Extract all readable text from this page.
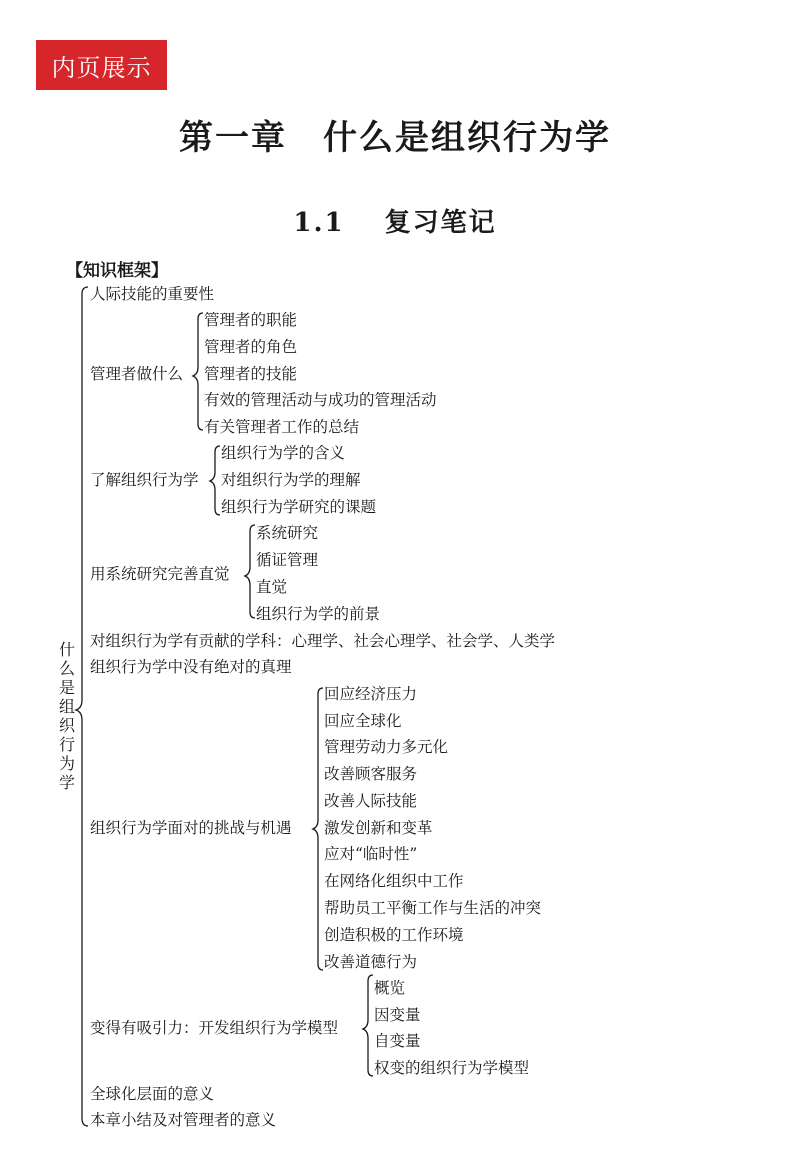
内页展示
第一章　什么是组织行为学
1.1 复习笔记
【知识框架】
什
么
是
组
织
行
为
学
人际技能的重要性
管理者做什么
了解组织行为学
用系统研究完善直觉
对组织行为学有贡献的学科：心理学、社会心理学、社会学、人类学
组织行为学中没有绝对的真理
组织行为学面对的挑战与机遇
变得有吸引力：开发组织行为学模型
全球化层面的意义
本章小结及对管理者的意义
管理者的职能
管理者的角色
管理者的技能
有效的管理活动与成功的管理活动
有关管理者工作的总结
组织行为学的含义
对组织行为学的理解
组织行为学研究的课题
系统研究
循证管理
直觉
组织行为学的前景
回应经济压力
回应全球化
管理劳动力多元化
改善顾客服务
改善人际技能
激发创新和变革
应对“临时性”
在网络化组织中工作
帮助员工平衡工作与生活的冲突
创造积极的工作环境
改善道德行为
概览
因变量
自变量
权变的组织行为学模型
